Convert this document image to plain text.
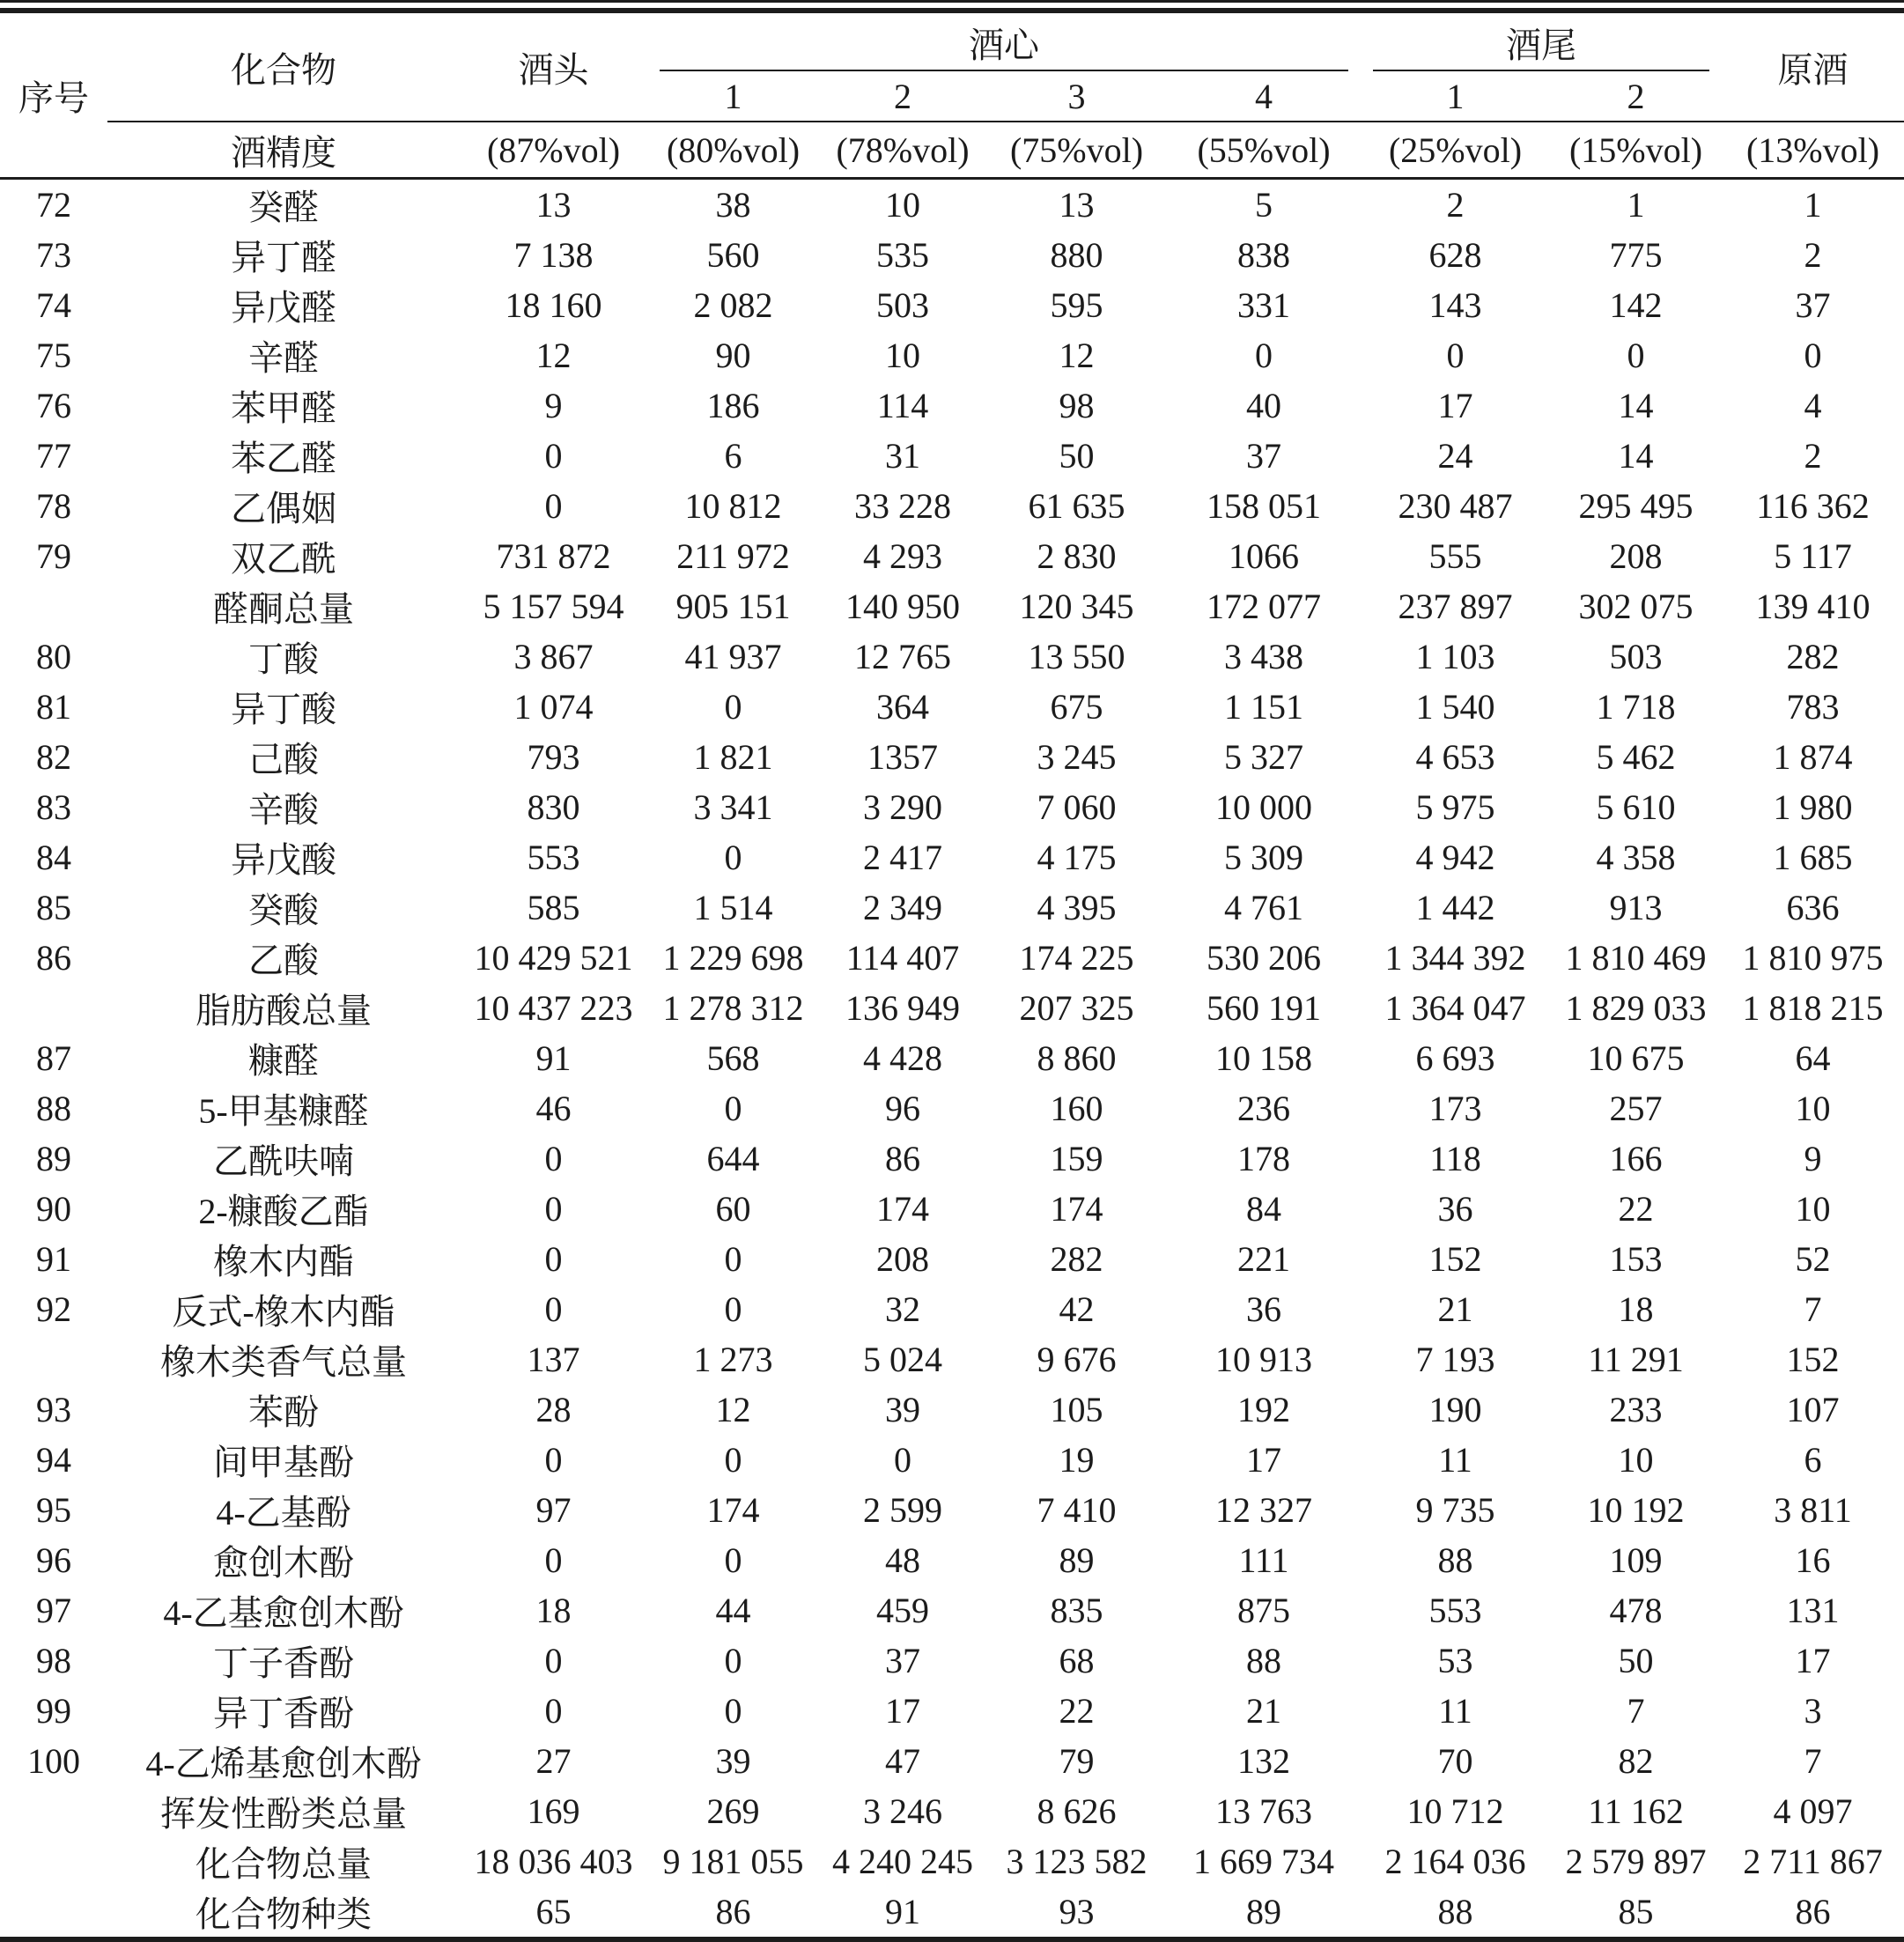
序号	化合物	酒头	酒心				酒尾		原酒
			1	2	3	4	1	2	
	酒精度	(87%vol)	(80%vol)	(78%vol)	(75%vol)	(55%vol)	(25%vol)	(15%vol)	(13%vol)
72	癸醛	13	38	10	13	5	2	1	1
73	异丁醛	7 138	560	535	880	838	628	775	2
74	异戊醛	18 160	2 082	503	595	331	143	142	37
75	辛醛	12	90	10	12	0	0	0	0
76	苯甲醛	9	186	114	98	40	17	14	4
77	苯乙醛	0	6	31	50	37	24	14	2
78	乙偶姻	0	10 812	33 228	61 635	158 051	230 487	295 495	116 362
79	双乙酰	731 872	211 972	4 293	2 830	1066	555	208	5 117
	醛酮总量	5 157 594	905 151	140 950	120 345	172 077	237 897	302 075	139 410
80	丁酸	3 867	41 937	12 765	13 550	3 438	1 103	503	282
81	异丁酸	1 074	0	364	675	1 151	1 540	1 718	783
82	己酸	793	1 821	1357	3 245	5 327	4 653	5 462	1 874
83	辛酸	830	3 341	3 290	7 060	10 000	5 975	5 610	1 980
84	异戊酸	553	0	2 417	4 175	5 309	4 942	4 358	1 685
85	癸酸	585	1 514	2 349	4 395	4 761	1 442	913	636
86	乙酸	10 429 521	1 229 698	114 407	174 225	530 206	1 344 392	1 810 469	1 810 975
	脂肪酸总量	10 437 223	1 278 312	136 949	207 325	560 191	1 364 047	1 829 033	1 818 215
87	糠醛	91	568	4 428	8 860	10 158	6 693	10 675	64
88	5-甲基糠醛	46	0	96	160	236	173	257	10
89	乙酰呋喃	0	644	86	159	178	118	166	9
90	2-糠酸乙酯	0	60	174	174	84	36	22	10
91	橡木内酯	0	0	208	282	221	152	153	52
92	反式-橡木内酯	0	0	32	42	36	21	18	7
	橡木类香气总量	137	1 273	5 024	9 676	10 913	7 193	11 291	152
93	苯酚	28	12	39	105	192	190	233	107
94	间甲基酚	0	0	0	19	17	11	10	6
95	4-乙基酚	97	174	2 599	7 410	12 327	9 735	10 192	3 811
96	愈创木酚	0	0	48	89	111	88	109	16
97	4-乙基愈创木酚	18	44	459	835	875	553	478	131
98	丁子香酚	0	0	37	68	88	53	50	17
99	异丁香酚	0	0	17	22	21	11	7	3
100	4-乙烯基愈创木酚	27	39	47	79	132	70	82	7
	挥发性酚类总量	169	269	3 246	8 626	13 763	10 712	11 162	4 097
	化合物总量	18 036 403	9 181 055	4 240 245	3 123 582	1 669 734	2 164 036	2 579 897	2 711 867
	化合物种类	65	86	91	93	89	88	85	86
